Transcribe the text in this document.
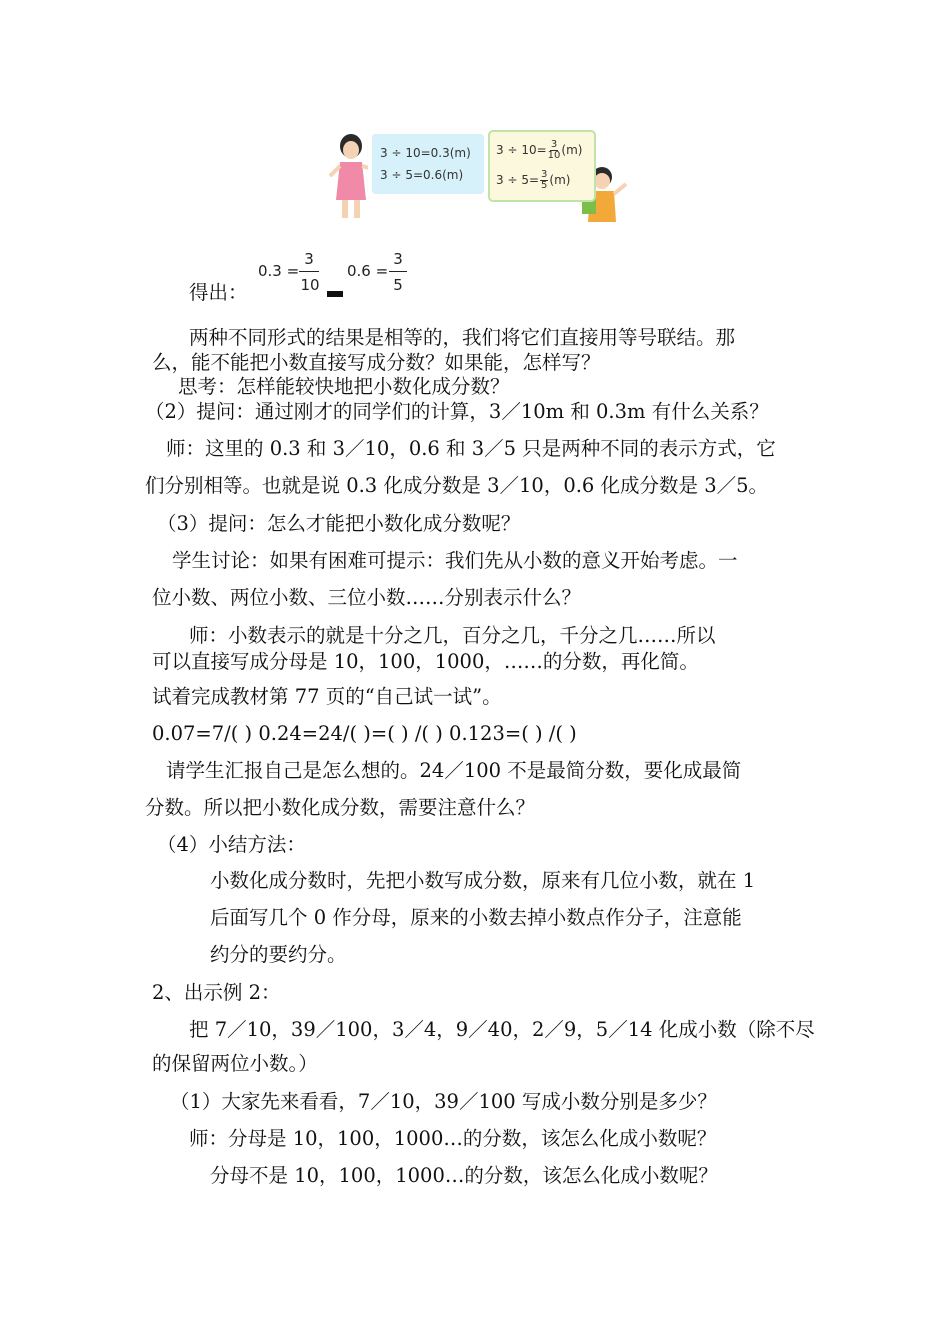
3 ÷ 10=0.3(m)
3 ÷ 5=0.6(m)
$3 \div 10= \frac{3}{10} (m)$
$3 \div 5= \frac{3}{5} (m)$
得出：
0.3 =
3
10
0.6 =
3
5
两种不同形式的结果是相等的，我们将它们直接用等号联结。那
么，能不能把小数直接写成分数？如果能，怎样写？
思考：怎样能较快地把小数化成分数？
（2）提问：通过刚才的同学们的计算，3／10m 和 0.3m 有什么关系？
师：这里的 0.3 和 3／10，0.6 和 3／5 只是两种不同的表示方式，它
们分别相等。也就是说 0.3 化成分数是 3／10，0.6 化成分数是 3／5。
（3）提问：怎么才能把小数化成分数呢？
学生讨论：如果有困难可提示：我们先从小数的意义开始考虑。一
位小数、两位小数、三位小数……分别表示什么？
师：小数表示的就是十分之几，百分之几，千分之几……所以
可以直接写成分母是 10，100，1000，……的分数，再化简。
试着完成教材第 77 页的“自己试一试”。
0.07=7/( ) 0.24=24/( )=( ) /( ) 0.123=( ) /( )
请学生汇报自己是怎么想的。24／100 不是最简分数，要化成最简
分数。所以把小数化成分数，需要注意什么？
（4）小结方法：
小数化成分数时，先把小数写成分数，原来有几位小数，就在 1
后面写几个 0 作分母，原来的小数去掉小数点作分子，注意能
约分的要约分。
2、出示例 2：
把 7／10，39／100，3／4，9／40，2／9，5／14 化成小数（除不尽
的保留两位小数。）
（1）大家先来看看，7／10，39／100 写成小数分别是多少？
师：分母是 10，100，1000…的分数，该怎么化成小数呢？
分母不是 10，100，1000…的分数，该怎么化成小数呢？
